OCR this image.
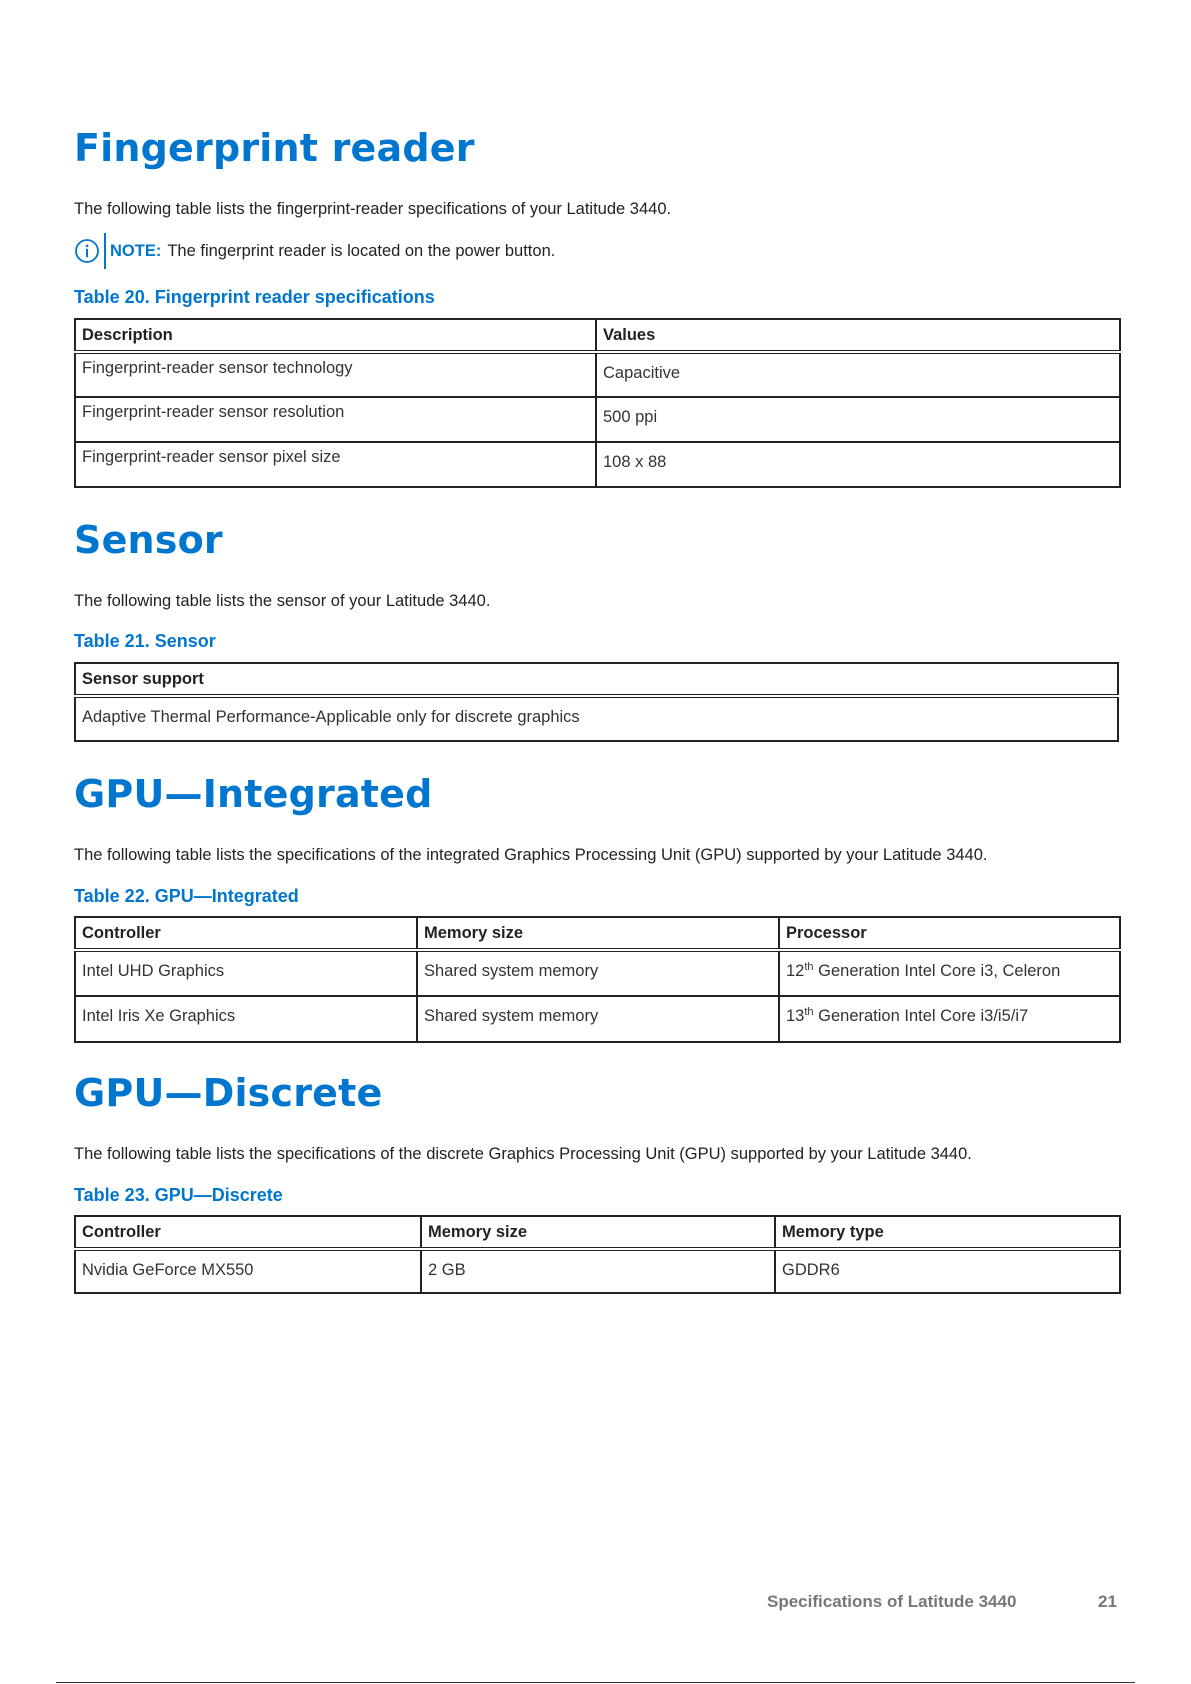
Fingerprint reader
The following table lists the fingerprint-reader specifications of your Latitude 3440.
NOTE: The fingerprint reader is located on the power button.
Table 20. Fingerprint reader specifications
Description	Values
Fingerprint-reader sensor technology	Capacitive
Fingerprint-reader sensor resolution	500 ppi
Fingerprint-reader sensor pixel size	108 x 88
Sensor
The following table lists the sensor of your Latitude 3440.
Table 21. Sensor
Sensor support
Adaptive Thermal Performance-Applicable only for discrete graphics
GPU—Integrated
The following table lists the specifications of the integrated Graphics Processing Unit (GPU) supported by your Latitude 3440.
Table 22. GPU—Integrated
Controller	Memory size	Processor
Intel UHD Graphics	Shared system memory	12th Generation Intel Core i3, Celeron
Intel Iris Xe Graphics	Shared system memory	13th Generation Intel Core i3/i5/i7
GPU—Discrete
The following table lists the specifications of the discrete Graphics Processing Unit (GPU) supported by your Latitude 3440.
Table 23. GPU—Discrete
Controller	Memory size	Memory type
Nvidia GeForce MX550	2 GB	GDDR6
Specifications of Latitude 3440	21
